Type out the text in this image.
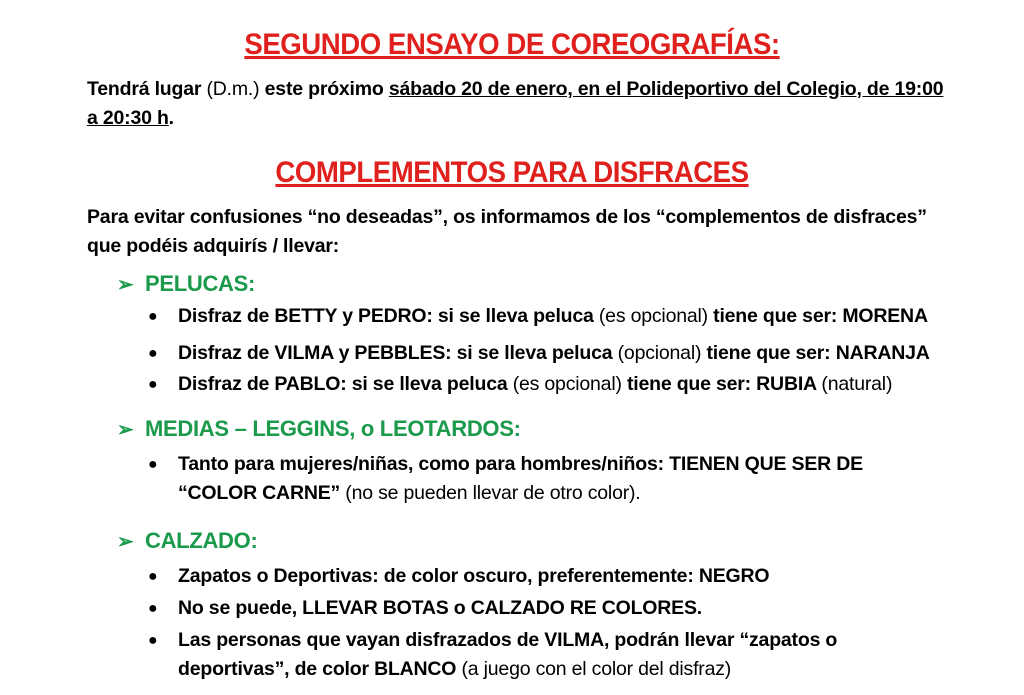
SEGUNDO ENSAYO DE COREOGRAFÍAS:
Tendrá lugar (D.m.) este próximo sábado 20 de enero, en el Polideportivo del Colegio, de 19:00 a 20:30 h.
COMPLEMENTOS PARA DISFRACES
Para evitar confusiones “no deseadas”, os informamos de los “complementos de disfraces” que podéis adquirís / llevar:
➢ PELUCAS:
●	Disfraz de BETTY y PEDRO: si se lleva peluca (es opcional) tiene que ser: MORENA
●	Disfraz de VILMA y PEBBLES: si se lleva peluca (opcional) tiene que ser: NARANJA
●	Disfraz de PABLO: si se lleva peluca (es opcional) tiene que ser: RUBIA (natural)
➢ MEDIAS – LEGGINS, o LEOTARDOS:
●	Tanto para mujeres/niñas, como para hombres/niños: TIENEN QUE SER DE “COLOR CARNE” (no se pueden llevar de otro color).
➢ CALZADO:
●	Zapatos o Deportivas: de color oscuro, preferentemente: NEGRO
●	No se puede, LLEVAR BOTAS o CALZADO RE COLORES.
●	Las personas que vayan disfrazados de VILMA, podrán llevar “zapatos o deportivas”, de color BLANCO (a juego con el color del disfraz)
